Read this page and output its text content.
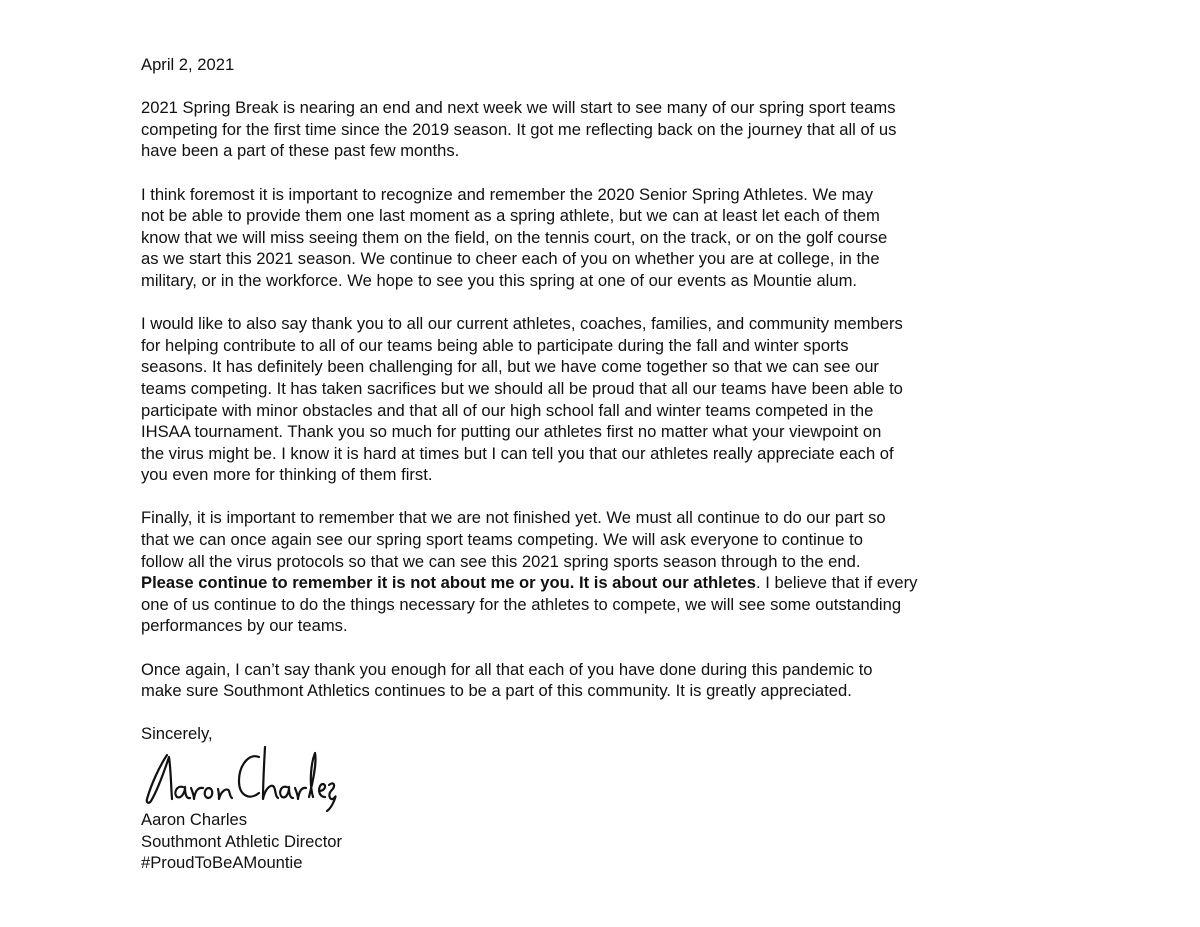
April 2, 2021
2021 Spring Break is nearing an end and next week we will start to see many of our spring sport teams
competing for the first time since the 2019 season. It got me reflecting back on the journey that all of us
have been a part of these past few months.
I think foremost it is important to recognize and remember the 2020 Senior Spring Athletes. We may
not be able to provide them one last moment as a spring athlete, but we can at least let each of them
know that we will miss seeing them on the field, on the tennis court, on the track, or on the golf course
as we start this 2021 season. We continue to cheer each of you on whether you are at college, in the
military, or in the workforce. We hope to see you this spring at one of our events as Mountie alum.
I would like to also say thank you to all our current athletes, coaches, families, and community members
for helping contribute to all of our teams being able to participate during the fall and winter sports
seasons. It has definitely been challenging for all, but we have come together so that we can see our
teams competing. It has taken sacrifices but we should all be proud that all our teams have been able to
participate with minor obstacles and that all of our high school fall and winter teams competed in the
IHSAA tournament. Thank you so much for putting our athletes first no matter what your viewpoint on
the virus might be. I know it is hard at times but I can tell you that our athletes really appreciate each of
you even more for thinking of them first.
Finally, it is important to remember that we are not finished yet. We must all continue to do our part so
that we can once again see our spring sport teams competing. We will ask everyone to continue to
follow all the virus protocols so that we can see this 2021 spring sports season through to the end.
Please continue to remember it is not about me or you. It is about our athletes. I believe that if every
one of us continue to do the things necessary for the athletes to compete, we will see some outstanding
performances by our teams.
Once again, I can’t say thank you enough for all that each of you have done during this pandemic to
make sure Southmont Athletics continues to be a part of this community. It is greatly appreciated.
Sincerely,
Aaron Charles
Southmont Athletic Director
#ProudToBeAMountie
